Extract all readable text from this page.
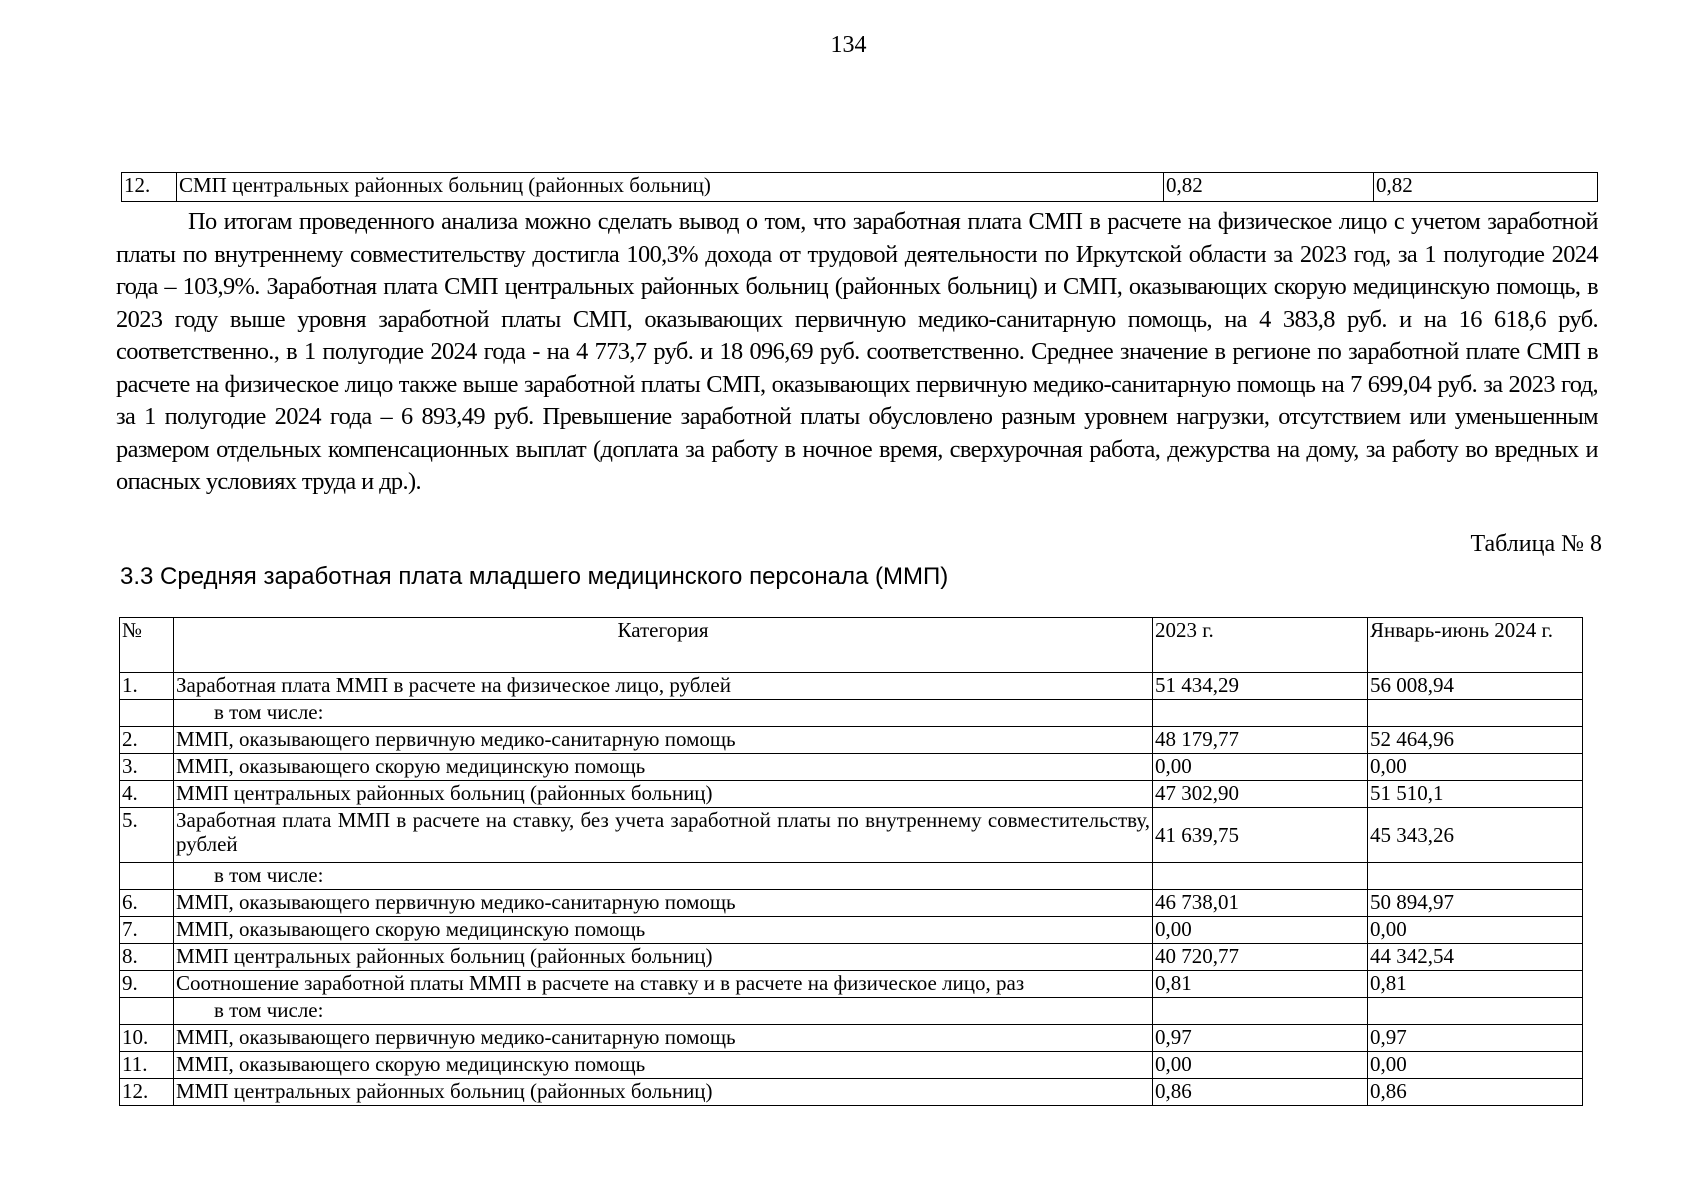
134
12.	СМП центральных районных больниц (районных больниц)	0,82	0,82
По итогам проведенного анализа можно сделать вывод о том, что заработная плата СМП в расчете на физическое лицо с учетом заработной платы по внутреннему совместительству достигла 100,3% дохода от трудовой деятельности по Иркутской области за 2023 год, за 1 полугодие 2024 года – 103,9%. Заработная плата СМП центральных районных больниц (районных больниц) и СМП, оказывающих скорую медицинскую помощь, в 2023 году выше уровня заработной платы СМП, оказывающих первичную медико-санитарную помощь, на 4 383,8 руб. и на 16 618,6 руб. соответственно., в 1 полугодие 2024 года - на 4 773,7 руб. и 18 096,69 руб. соответственно. Среднее значение в регионе по заработной плате СМП в расчете на физическое лицо также выше заработной платы СМП, оказывающих первичную медико-санитарную помощь на 7 699,04 руб. за 2023 год, за 1 полугодие 2024 года – 6 893,49 руб. Превышение заработной платы обусловлено разным уровнем нагрузки, отсутствием или уменьшенным размером отдельных компенсационных выплат (доплата за работу в ночное время, сверхурочная работа, дежурства на дому, за работу во вредных и опасных условиях труда и др.).
Таблица № 8
3.3 Средняя заработная плата младшего медицинского персонала (ММП)
№	Категория	2023 г.	Январь-июнь 2024 г.
1.	Заработная плата ММП в расчете на физическое лицо, рублей	51 434,29	56 008,94
	в том числе:		
2.	ММП, оказывающего первичную медико-санитарную помощь	48 179,77	52 464,96
3.	ММП, оказывающего скорую медицинскую помощь	0,00	0,00
4.	ММП центральных районных больниц (районных больниц)	47 302,90	51 510,1
5.	Заработная плата ММП в расчете на ставку, без учета заработной платы по внутреннему совместительству, рублей	41 639,75	45 343,26
	в том числе:		
6.	ММП, оказывающего первичную медико-санитарную помощь	46 738,01	50 894,97
7.	ММП, оказывающего скорую медицинскую помощь	0,00	0,00
8.	ММП центральных районных больниц (районных больниц)	40 720,77	44 342,54
9.	Соотношение заработной платы ММП в расчете на ставку и в расчете на физическое лицо, раз	0,81	0,81
	в том числе:		
10.	ММП, оказывающего первичную медико-санитарную помощь	0,97	0,97
11.	ММП, оказывающего скорую медицинскую помощь	0,00	0,00
12.	ММП центральных районных больниц (районных больниц)	0,86	0,86
